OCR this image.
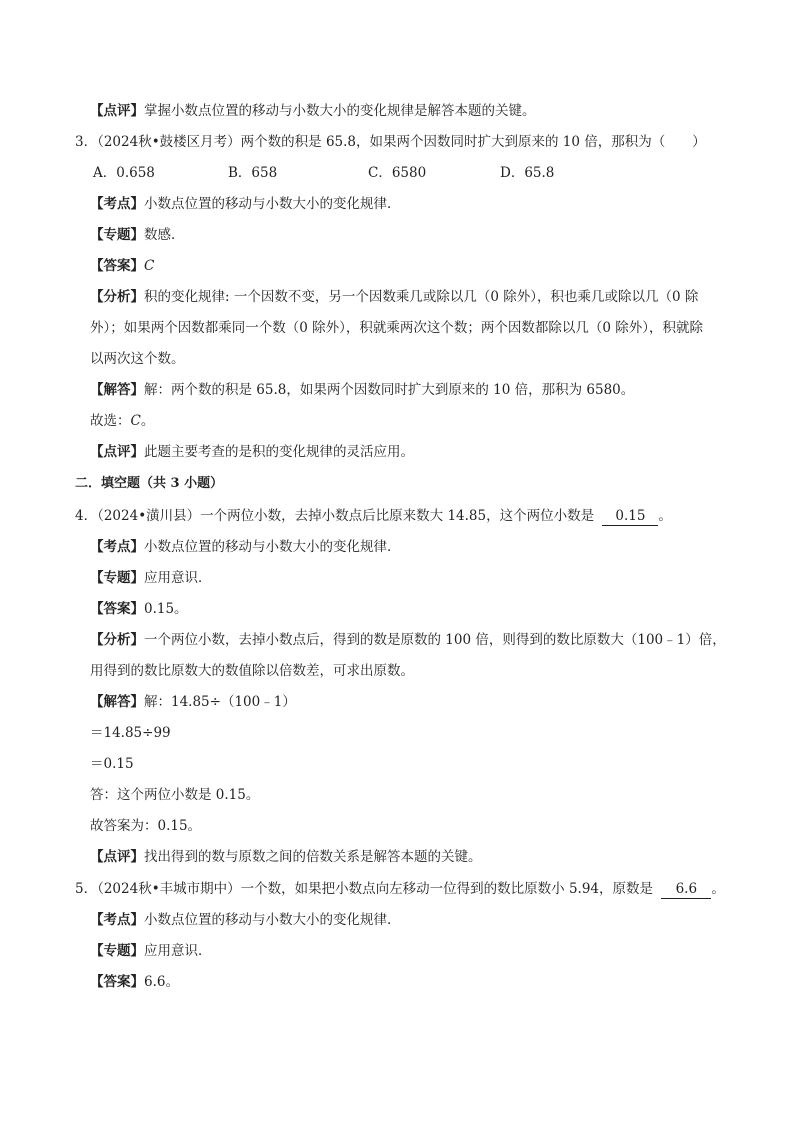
【点评】掌握小数点位置的移动与小数大小的变化规律是解答本题的关键。
3．（2024秋•鼓楼区月考）两个数的积是 65.8，如果两个因数同时扩大到原来的 10 倍，那积为（　　）
A．0.658	B．658	C．6580	D．65.8
【考点】小数点位置的移动与小数大小的变化规律．
【专题】数感．
【答案】C
【分析】积的变化规律: 一个因数不变，另一个因数乘几或除以几（0 除外），积也乘几或除以几（0 除
外）；如果两个因数都乘同一个数（0 除外），积就乘两次这个数；两个因数都除以几（0 除外），积就除
以两次这个数。
【解答】解：两个数的积是 65.8，如果两个因数同时扩大到原来的 10 倍，那积为 6580。
故选：C。
【点评】此题主要考查的是积的变化规律的灵活应用。
二．填空题（共 3 小题）
4．（2024•潢川县）一个两位小数，去掉小数点后比原来数大 14.85，这个两位小数是 0.15 。
【考点】小数点位置的移动与小数大小的变化规律．
【专题】应用意识．
【答案】0.15。
【分析】一个两位小数，去掉小数点后，得到的数是原数的 100 倍，则得到的数比原数大（100﹣1）倍，
用得到的数比原数大的数值除以倍数差，可求出原数。
【解答】解：14.85÷（100﹣1）
＝14.85÷99
＝0.15
答：这个两位小数是 0.15。
故答案为：0.15。
【点评】找出得到的数与原数之间的倍数关系是解答本题的关键。
5．（2024秋•丰城市期中）一个数，如果把小数点向左移动一位得到的数比原数小 5.94，原数是 6.6 。
【考点】小数点位置的移动与小数大小的变化规律．
【专题】应用意识．
【答案】6.6。
